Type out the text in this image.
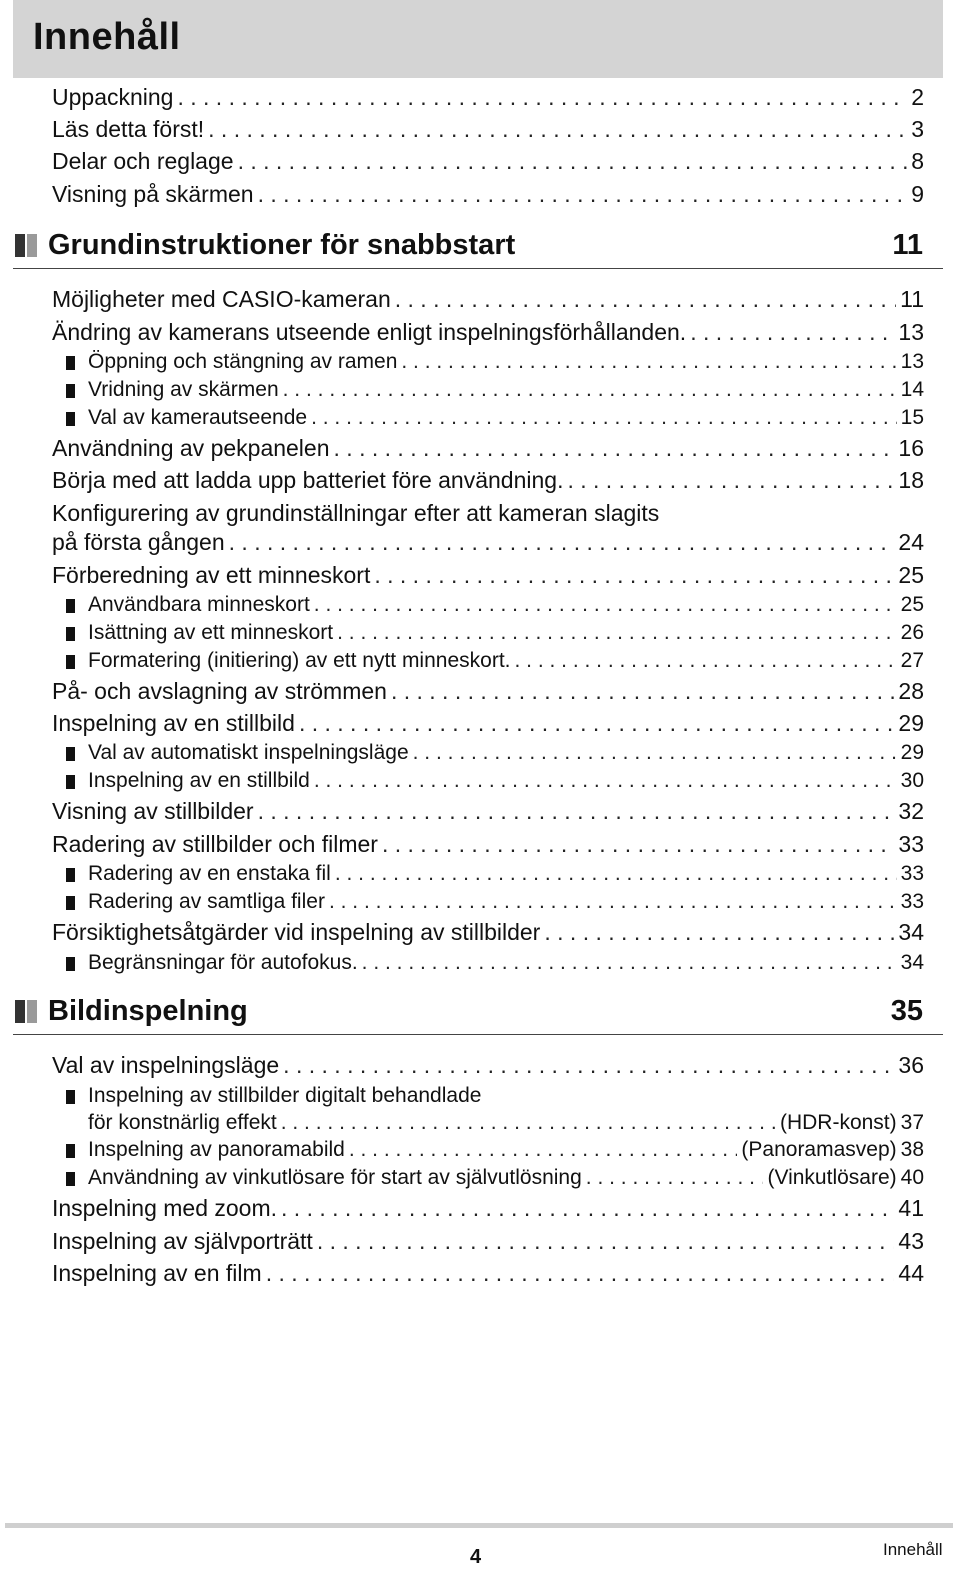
Innehåll
Uppackning . . .	2
Läs detta först! . . .	3
Delar och reglage . . .	8
Visning på skärmen . . .	9
Grundinstruktioner för snabbstart	11
Möjligheter med CASIO-kameran . . .	11
Ändring av kamerans utseende enligt inspelningsförhållanden. . . .	13
Öppning och stängning av ramen . . .	13
Vridning av skärmen . . .	14
Val av kamerautseende . . .	15
Användning av pekpanelen . . .	16
Börja med att ladda upp batteriet före användning. . . .	18
Konfigurering av grundinställningar efter att kameran slagits
på första gången . . .	24
Förberedning av ett minneskort . . .	25
Användbara minneskort . . .	25
Isättning av ett minneskort . . .	26
Formatering (initiering) av ett nytt minneskort. . . .	27
På- och avslagning av strömmen . . .	28
Inspelning av en stillbild . . .	29
Val av automatiskt inspelningsläge . . .	29
Inspelning av en stillbild . . .	30
Visning av stillbilder . . .	32
Radering av stillbilder och filmer . . .	33
Radering av en enstaka fil . . .	33
Radering av samtliga filer . . .	33
Försiktighetsåtgärder vid inspelning av stillbilder . . .	34
Begränsningar för autofokus. . . .	34
Bildinspelning	35
Val av inspelningsläge . . .	36
Inspelning av stillbilder digitalt behandlade
för konstnärlig effekt . . .	(HDR-konst) 37
Inspelning av panoramabild . . .	(Panoramasvep) 38
Användning av vinkutlösare för start av självutlösning . . .	(Vinkutlösare) 40
Inspelning med zoom. . . .	41
Inspelning av självporträtt . . .	43
Inspelning av en film . . .	44
4	Innehåll
